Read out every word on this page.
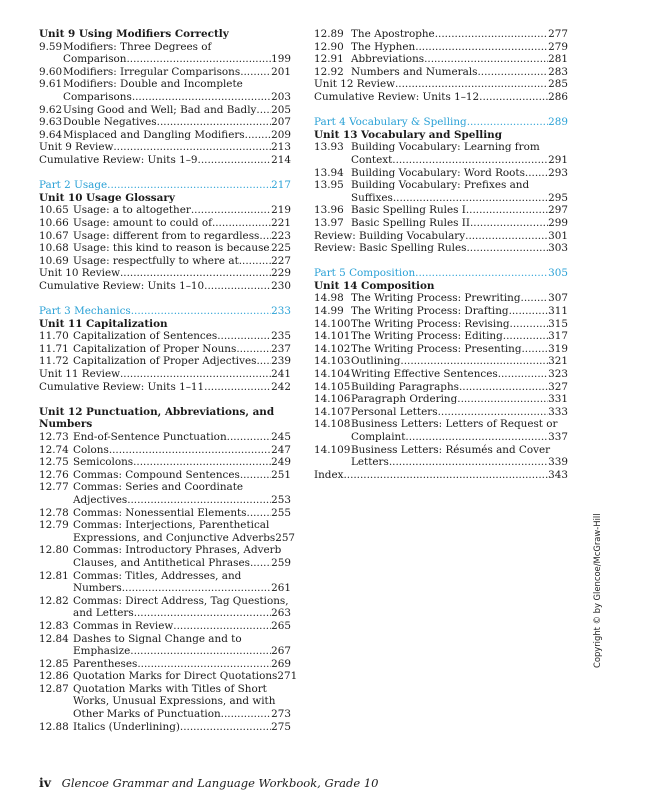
Unit 9 Using Modifiers Correctly
9.59 Modifiers: Three Degrees of
Comparison .....	199
9.60 Modifiers: Irregular Comparisons .....	201
9.61 Modifiers: Double and Incomplete
Comparisons .....	203
9.62 Using Good and Well; Bad and Badly ..... 205
9.63 Double Negatives .....	207
9.64 Misplaced and Dangling Modifiers .....	209
Unit 9 Review .....	213
Cumulative Review: Units 1–9 .....	214
Part 2 Usage .....	217
Unit 10 Usage Glossary
10.65 Usage: a to altogether .....	219
10.66 Usage: amount to could of .....	221
10.67 Usage: different from to regardless ..... 223
10.68 Usage: this kind to reason is because ..... 225
10.69 Usage: respectfully to where at .....	227
Unit 10 Review .....	229
Cumulative Review: Units 1–10 .....	230
Part 3 Mechanics .....	233
Unit 11 Capitalization
11.70 Capitalization of Sentences .....	235
11.71 Capitalization of Proper Nouns .....	237
11.72 Capitalization of Proper Adjectives ..... 239
Unit 11 Review .....	241
Cumulative Review: Units 1–11 .....	242
Unit 12 Punctuation, Abbreviations, and Numbers
12.73 End-of-Sentence Punctuation .....	245
12.74 Colons .....	247
12.75 Semicolons .....	249
12.76 Commas: Compound Sentences .....	251
12.77 Commas: Series and Coordinate
Adjectives .....	253
12.78 Commas: Nonessential Elements ..... 255
12.79 Commas: Interjections, Parenthetical
Expressions, and Conjunctive Adverbs 257
12.80 Commas: Introductory Phrases, Adverb
Clauses, and Antithetical Phrases ..... 259
12.81 Commas: Titles, Addresses, and
Numbers .....	261
12.82 Commas: Direct Address, Tag Questions,
and Letters .....	263
12.83 Commas in Review .....	265
12.84 Dashes to Signal Change and to
Emphasize .....	267
12.85 Parentheses .....	269
12.86 Quotation Marks for Direct Quotations 271
12.87 Quotation Marks with Titles of Short
Works, Unusual Expressions, and with
Other Marks of Punctuation .....	273
12.88 Italics (Underlining) .....	275
12.89 The Apostrophe .....	277
12.90 The Hyphen .....	279
12.91 Abbreviations .....	281
12.92 Numbers and Numerals .....	283
Unit 12 Review .....	285
Cumulative Review: Units 1–12 .....	286
Part 4 Vocabulary & Spelling .....	289
Unit 13 Vocabulary and Spelling
13.93 Building Vocabulary: Learning from
Context .....	291
13.94 Building Vocabulary: Word Roots ..... 293
13.95 Building Vocabulary: Prefixes and
Suffixes .....	295
13.96 Basic Spelling Rules I .....	297
13.97 Basic Spelling Rules II .....	299
Review: Building Vocabulary .....	301
Review: Basic Spelling Rules .....	303
Part 5 Composition .....	305
Unit 14 Composition
14.98 The Writing Process: Prewriting .....	307
14.99 The Writing Process: Drafting .....	311
14.100 The Writing Process: Revising .....	315
14.101 The Writing Process: Editing .....	317
14.102 The Writing Process: Presenting .....	319
14.103 Outlining .....	321
14.104 Writing Effective Sentences .....	323
14.105 Building Paragraphs .....	327
14.106 Paragraph Ordering .....	331
14.107 Personal Letters .....	333
14.108 Business Letters: Letters of Request or
Complaint .....	337
14.109 Business Letters: Résumés and Cover
Letters .....	339
Index .....	343
Copyright © by Glencoe/McGraw-Hill
iv Glencoe Grammar and Language Workbook, Grade 10
